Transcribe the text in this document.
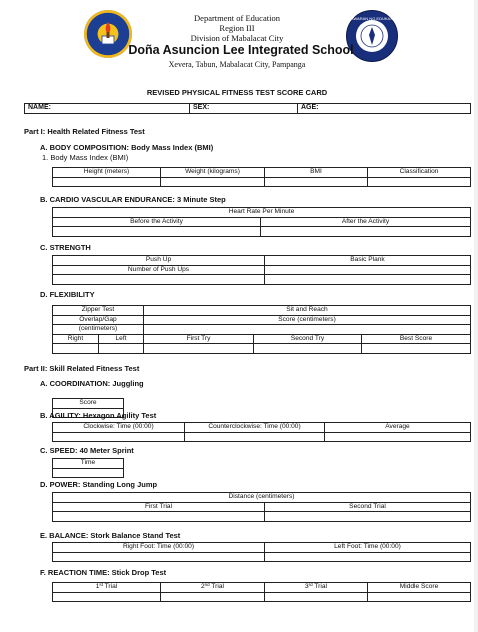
KAGAWARAN NG EDUKASYON
Department of Education
Region III
Division of Mabalacat City
Doña Asuncion Lee Integrated School
Xevera, Tabun, Mabalacat City, Pampanga
REVISED PHYSICAL FITNESS TEST SCORE CARD
NAME:	SEX:	AGE:
Part I: Health Related Fitness Test
A. BODY COMPOSITION: Body Mass Index (BMI)
1. Body Mass Index (BMI)
Height (meters)	Weight (kilograms)	BMI	Classification

B. CARDIO VASCULAR ENDURANCE: 3 Minute Step
Heart Rate Per Minute	
Before the Activity	After the Activity

C. STRENGTH
Push Up	Basic Plank
Number of Push Ups	

D. FLEXIBILITY
Zipper Test		Sit and Reach		
Overlap/Gap		Score (centimeters)		
(centimeters)				
Right	Left	First Try	Second Try	Best Score

Part II: Skill Related Fitness Test
A. COORDINATION: Juggling
Score

B. AGILITY: Hexagon Agility Test
Clockwise: Time (00:00)	Counterclockwise: Time (00:00)	Average

C. SPEED: 40 Meter Sprint
Time

D. POWER: Standing Long Jump
Distance (centimeters)	
First Trial	Second Trial

E. BALANCE: Stork Balance Stand Test
Right Foot: Time (00:00)	Left Foot: Time (00:00)

F. REACTION TIME: Stick Drop Test
1st Trial	2nd Trial	3rd Trial	Middle Score
